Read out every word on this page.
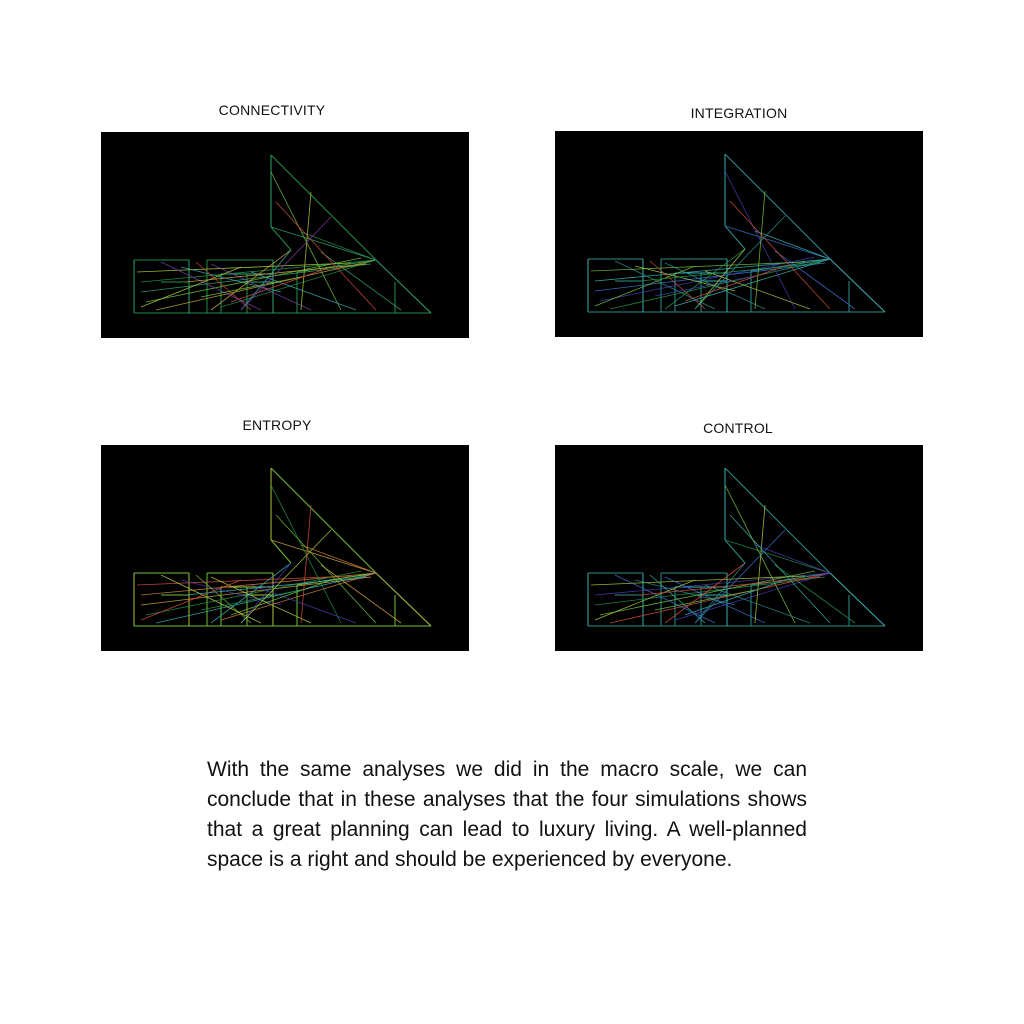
CONNECTIVITY	INTEGRATION
ENTROPY	CONTROL

With the same analyses we did in the macro scale, we can conclude that in these analyses that the four simulations shows that a great planning can lead to luxury living. A well-planned space is a right and should be experienced by everyone.
